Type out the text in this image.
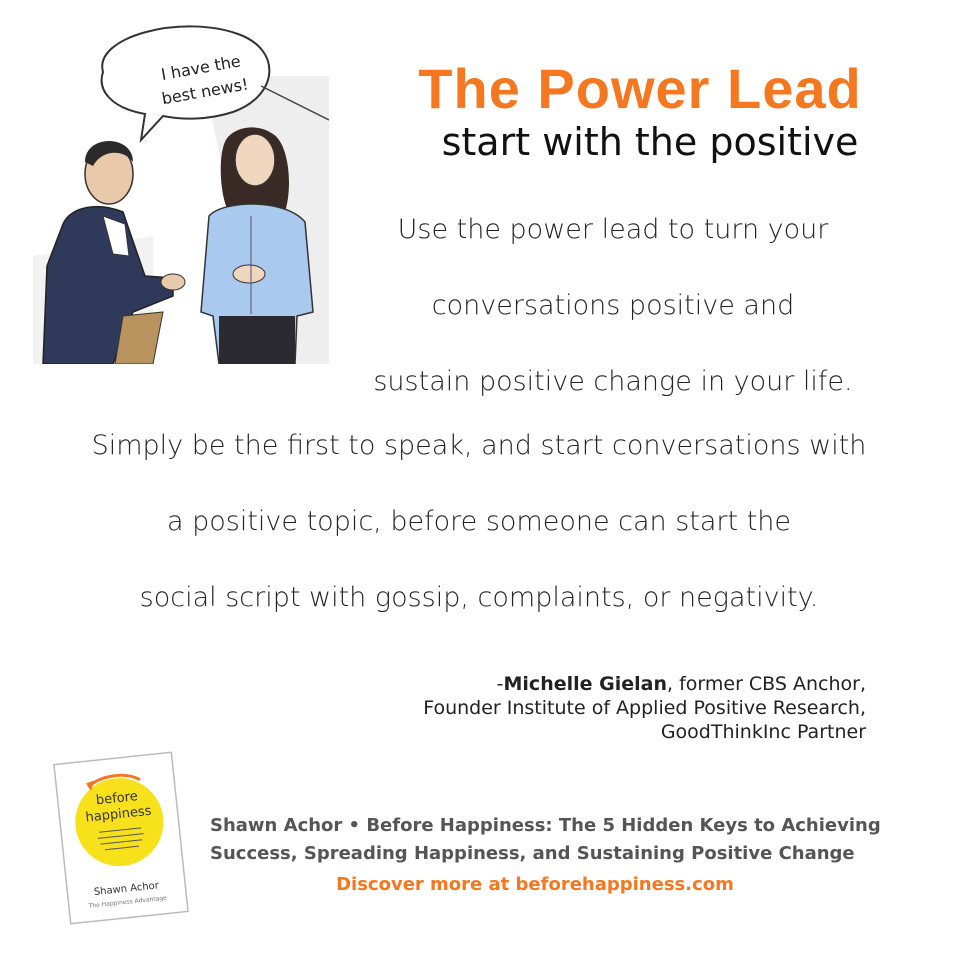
I have the
best news!	The Power Lead
start with the positive
Use the power lead to turn your
conversations positive and
sustain positive change in your life.
Simply be the first to speak, and start conversations with
a positive topic, before someone can start the
social script with gossip, complaints, or negativity.
-Michelle Gielan, former CBS Anchor,
Founder Institute of Applied Positive Research,
GoodThinkInc Partner
before
happiness
Shawn Achor
The Happiness Advantage
Shawn Achor • Before Happiness: The 5 Hidden Keys to Achieving
Success, Spreading Happiness, and Sustaining Positive Change
Discover more at beforehappiness.com
